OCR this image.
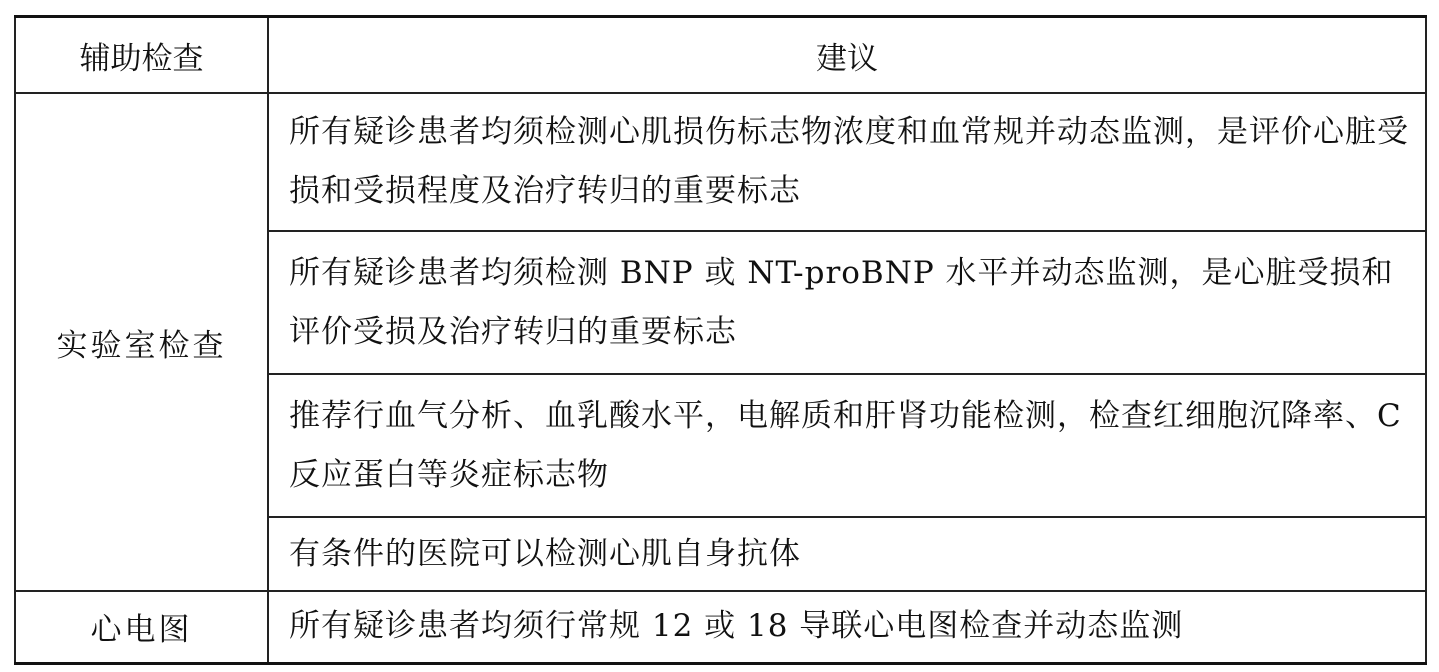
辅助检查	建议
实验室检查	所有疑诊患者均须检测心肌损伤标志物浓度和血常规并动态监测，是评价心脏受损和受损程度及治疗转归的重要标志
	所有疑诊患者均须检测 BNP 或 NT-proBNP 水平并动态监测，是心脏受损和评价受损及治疗转归的重要标志
	推荐行血气分析、血乳酸水平，电解质和肝肾功能检测，检查红细胞沉降率、C 反应蛋白等炎症标志物
	有条件的医院可以检测心肌自身抗体
心电图	所有疑诊患者均须行常规 12 或 18 导联心电图检查并动态监测
